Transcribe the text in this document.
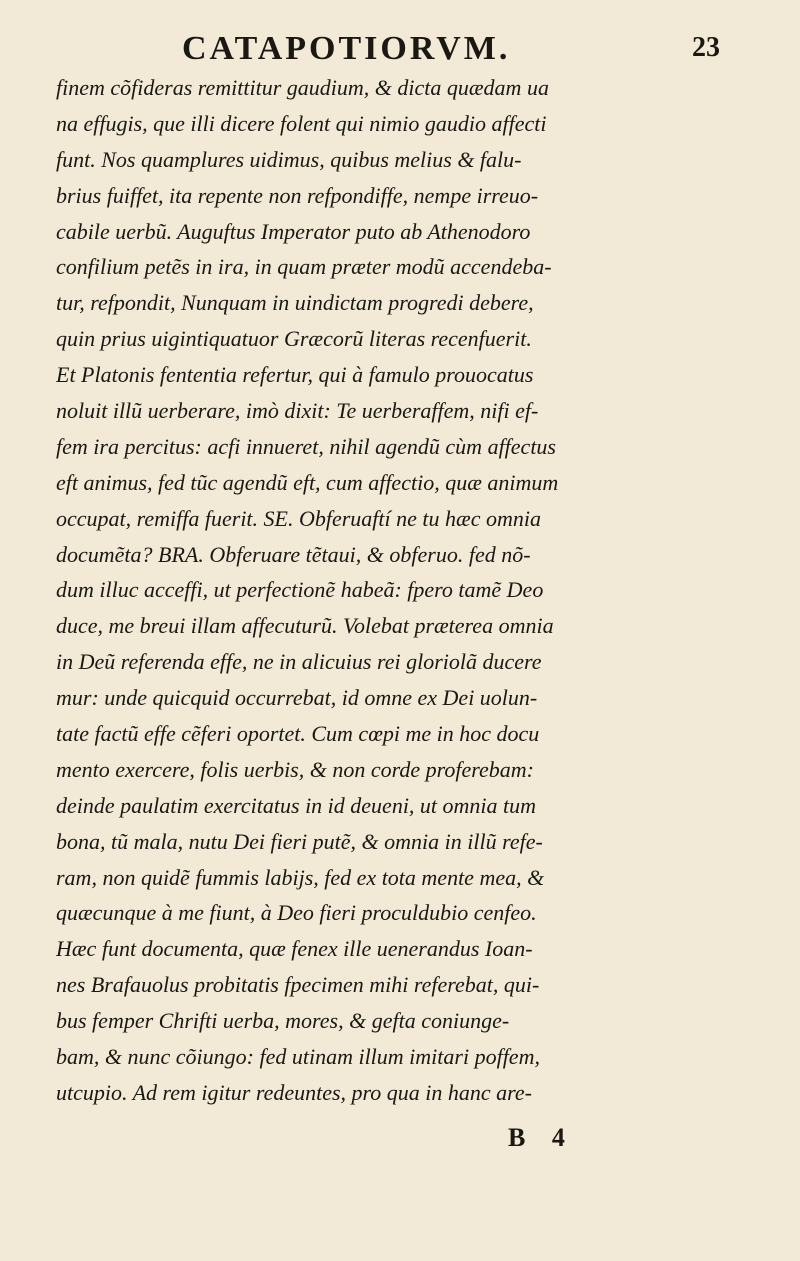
CATAPOTIORVM.	23
finem cõfideras remittitur gaudium, & dicta quædam ua
na effugis, que illi dicere folent qui nimio gaudio affecti
funt. Nos quamplures uidimus, quibus melius & falu-
brius fuiffet, ita repente non refpondiffe, nempe irreuo-
cabile uerbũ. Auguftus Imperator puto ab Athenodoro
confilium petẽs in ira, in quam præter modũ accendeba-
tur, refpondit, Nunquam in uindictam progredi debere,
quin prius uigintiquatuor Græcorũ literas recenfuerit.
Et Platonis fententia refertur, qui à famulo prouocatus
noluit illũ uerberare, imò dixit: Te uerberaffem, nifi ef-
fem ira percitus: acfi innueret, nihil agendũ cùm affectus
eft animus, fed tũc agendũ eft, cum affectio, quæ animum
occupat, remiffa fuerit. SE. Obferuaftí ne tu hæc omnia
documẽta? BRA. Obferuare tẽtaui, & obferuo. fed nõ-
dum illuc acceffi, ut perfectionẽ habeã: fpero tamẽ Deo
duce, me breui illam affecuturũ. Volebat præterea omnia
in Deũ referenda effe, ne in alicuius rei gloriolã ducere
mur: unde quicquid occurrebat, id omne ex Dei uolun-
tate factũ effe cẽferi oportet. Cum cœpi me in hoc docu
mento exercere, folis uerbis, & non corde proferebam:
deinde paulatim exercitatus in id deueni, ut omnia tum
bona, tũ mala, nutu Dei fieri putẽ, & omnia in illũ refe-
ram, non quidẽ fummis labijs, fed ex tota mente mea, &
quæcunque à me fiunt, à Deo fieri proculdubio cenfeo.
Hæc funt documenta, quæ fenex ille uenerandus Ioan-
nes Brafauolus probitatis fpecimen mihi referebat, qui-
bus femper Chrifti uerba, mores, & gefta coniunge-
bam, & nunc cõiungo: fed utinam illum imitari poffem,
utcupio. Ad rem igitur redeuntes, pro qua in hanc are-
B 4
